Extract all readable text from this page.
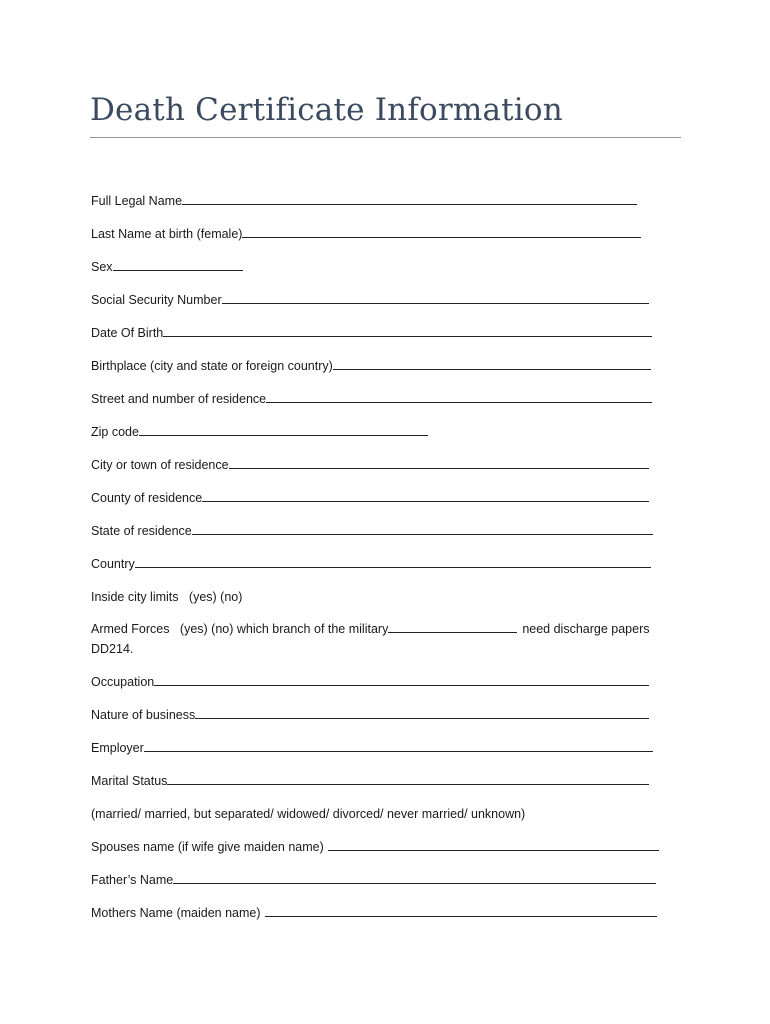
Death Certificate Information
Full Legal Name
Last Name at birth (female)
Sex
Social Security Number
Date Of Birth
Birthplace (city and state or foreign country)
Street and number of residence
Zip code
City or town of residence
County of residence
State of residence
Country
Inside city limits   (yes) (no)
Armed Forces   (yes) (no) which branch of the military	need discharge papers
DD214.
Occupation
Nature of business
Employer
Marital Status
(married/ married, but separated/ widowed/ divorced/ never married/ unknown)
Spouses name (if wife give maiden name)
Father’s Name
Mothers Name (maiden name)
